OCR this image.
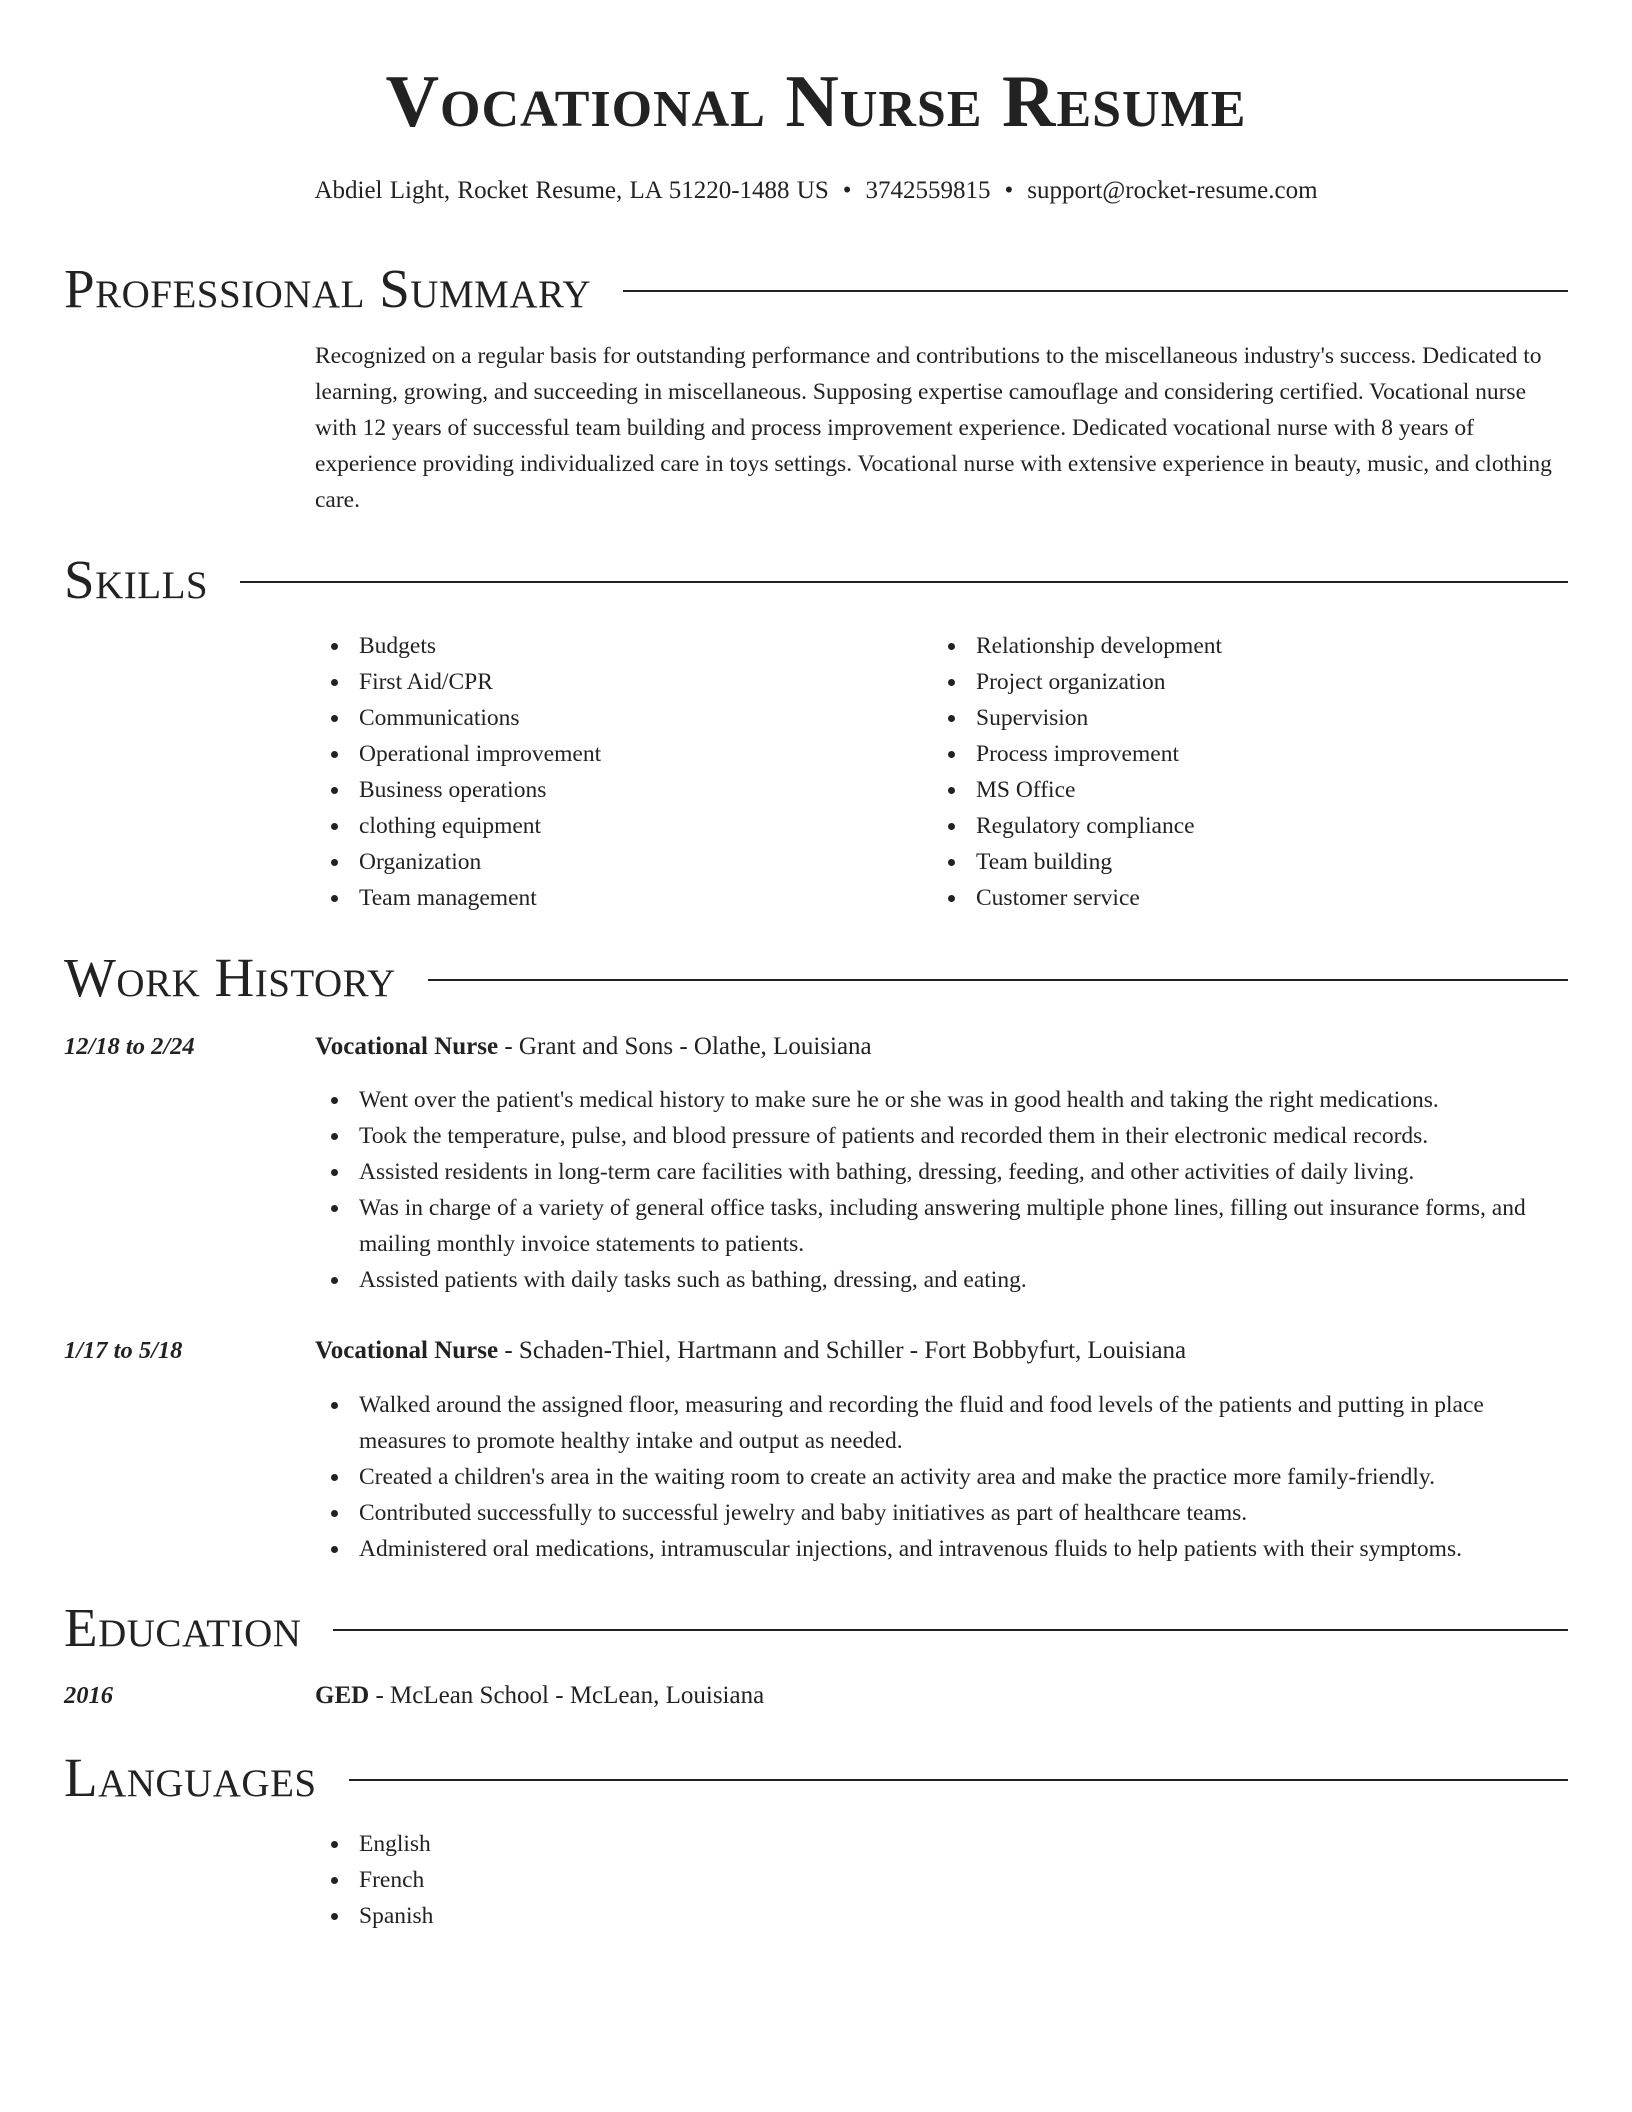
Vocational Nurse Resume
Abdiel Light, Rocket Resume, LA 51220-1488 US • 3742559815 • support@rocket-resume.com
Professional Summary
Recognized on a regular basis for outstanding performance and contributions to the miscellaneous industry's success. Dedicated to learning, growing, and succeeding in miscellaneous. Supposing expertise camouflage and considering certified. Vocational nurse with 12 years of successful team building and process improvement experience. Dedicated vocational nurse with 8 years of experience providing individualized care in toys settings. Vocational nurse with extensive experience in beauty, music, and clothing care.
Skills
Budgets
First Aid/CPR
Communications
Operational improvement
Business operations
clothing equipment
Organization
Team management
Relationship development
Project organization
Supervision
Process improvement
MS Office
Regulatory compliance
Team building
Customer service
Work History
12/18 to 2/24	Vocational Nurse - Grant and Sons - Olathe, Louisiana
Went over the patient's medical history to make sure he or she was in good health and taking the right medications.
Took the temperature, pulse, and blood pressure of patients and recorded them in their electronic medical records.
Assisted residents in long-term care facilities with bathing, dressing, feeding, and other activities of daily living.
Was in charge of a variety of general office tasks, including answering multiple phone lines, filling out insurance forms, and mailing monthly invoice statements to patients.
Assisted patients with daily tasks such as bathing, dressing, and eating.
1/17 to 5/18	Vocational Nurse - Schaden-Thiel, Hartmann and Schiller - Fort Bobbyfurt, Louisiana
Walked around the assigned floor, measuring and recording the fluid and food levels of the patients and putting in place measures to promote healthy intake and output as needed.
Created a children's area in the waiting room to create an activity area and make the practice more family-friendly.
Contributed successfully to successful jewelry and baby initiatives as part of healthcare teams.
Administered oral medications, intramuscular injections, and intravenous fluids to help patients with their symptoms.
Education
2016	GED - McLean School - McLean, Louisiana
Languages
English
French
Spanish
